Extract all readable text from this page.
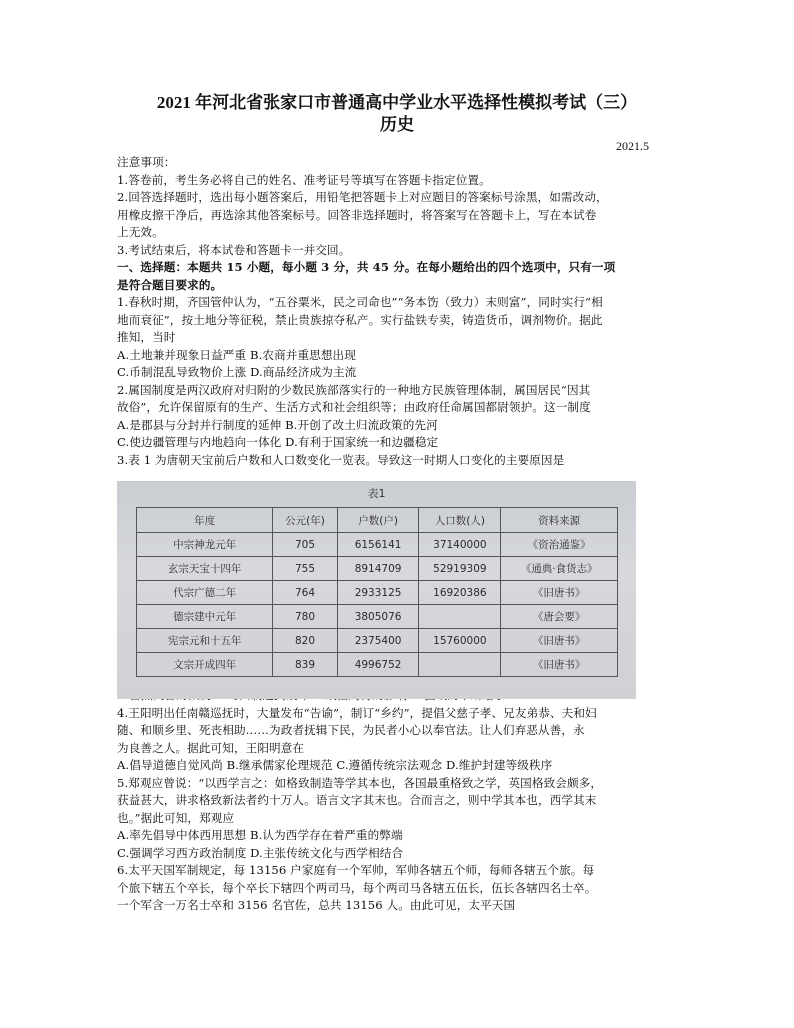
2021 年河北省张家口市普通高中学业水平选择性模拟考试（三）

历史

2021.5
注意事项：
1.答卷前，考生务必将自己的姓名、准考证号等填写在答题卡指定位置。
2.回答选择题时，选出每小题答案后，用铅笔把答题卡上对应题目的答案标号涂黑，如需改动，
用橡皮擦干净后，再选涂其他答案标号。回答非选择题时，将答案写在答题卡上，写在本试卷
上无效。
3.考试结束后，将本试卷和答题卡一并交回。
一、选择题：本题共 15 小题，每小题 3 分，共 45 分。在每小题给出的四个选项中，只有一项
是符合题目要求的。
1.春秋时期，齐国管仲认为，“五谷粟米，民之司命也”“务本饬（致力）末则富”，同时实行“相
地而衰征”，按土地分等征税，禁止贵族掠夺私产。实行盐铁专卖，铸造货币，调剂物价。据此
推知，当时
A.土地兼并现象日益严重 B.农商并重思想出现
C.币制混乱导致物价上涨 D.商品经济成为主流
2.属国制度是两汉政府对归附的少数民族部落实行的一种地方民族管理体制，属国居民“因其
故俗”，允许保留原有的生产、生活方式和社会组织等；由政府任命属国都尉领护。这一制度
A.是郡县与分封并行制度的延伸 B.开创了改土归流政策的先河
C.使边疆管理与内地趋向一体化 D.有利于国家统一和边疆稳定
3.表 1 为唐朝天宝前后户数和人口数变化一览表。导致这一时期人口变化的主要原因是
4.王阳明出任南赣巡抚时，大量发布“告谕”，制订“乡约”，提倡父慈子孝、兄友弟恭、夫和妇
随、和顺乡里、死丧相助……为政者抚辑下民，为民者小心以奉官法。让人们弃恶从善，永
为良善之人。据此可知，王阳明意在
A.倡导道德自觉风尚 B.继承儒家伦理规范 C.遵循传统宗法观念 D.维护封建等级秩序
5.郑观应曾说：“以西学言之：如格致制造等学其本也，各国最重格致之学，英国格致会颇多，
获益甚大，讲求格致新法者约十万人。语言文字其末也。合而言之，则中学其本也，西学其末
也。”据此可知，郑观应
A.率先倡导中体西用思想 B.认为西学存在着严重的弊端
C.强调学习西方政治制度 D.主张传统文化与西学相结合
6.太平天国军制规定，每 13156 户家庭有一个军帅，军帅各辖五个师，每师各辖五个旅。每
个旅下辖五个卒长，每个卒长下辖四个两司马，每个两司马各辖五伍长，伍长各辖四名士卒。
一个军含一万名士卒和 3156 名官佐，总共 13156 人。由此可见，太平天国
表1
年度	公元(年)	户数(户)	人口数(人)	资料来源
中宗神龙元年	705	6156141	37140000	《资治通鉴》
玄宗天宝十四年	755	8914709	52919309	《通典·食货志》
代宗广德二年	764	2933125	16920386	《旧唐书》
德宗建中元年	780	3805076		《唐会要》
宪宗元和十五年	820	2375400	15760000	《旧唐书》
文宗开成四年	839	4996752		《旧唐书》
